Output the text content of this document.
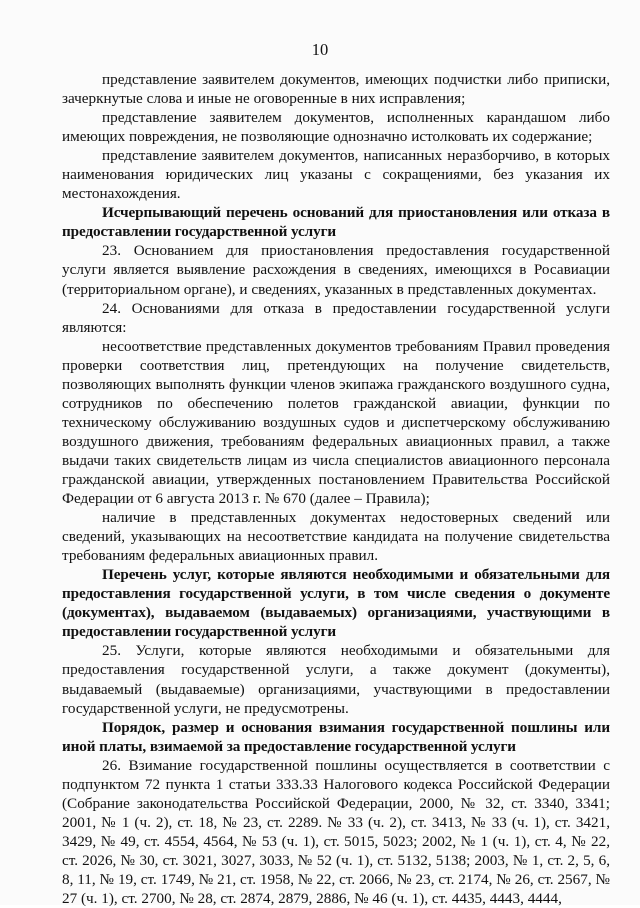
10

представление заявителем документов, имеющих подчистки либо приписки, зачеркнутые слова и иные не оговоренные в них исправления;

представление заявителем документов, исполненных карандашом либо имеющих повреждения, не позволяющие однозначно истолковать их содержание;

представление заявителем документов, написанных неразборчиво, в которых наименования юридических лиц указаны с сокращениями, без указания их местонахождения.

Исчерпывающий перечень оснований для приостановления или отказа в предоставлении государственной услуги

23. Основанием для приостановления предоставления государственной услуги является выявление расхождения в сведениях, имеющихся в Росавиации (территориальном органе), и сведениях, указанных в представленных документах.

24. Основаниями для отказа в предоставлении государственной услуги являются:

несоответствие представленных документов требованиям Правил проведения проверки соответствия лиц, претендующих на получение свидетельств, позволяющих выполнять функции членов экипажа гражданского воздушного судна, сотрудников по обеспечению полетов гражданской авиации, функции по техническому обслуживанию воздушных судов и диспетчерскому обслуживанию воздушного движения, требованиям федеральных авиационных правил, а также выдачи таких свидетельств лицам из числа специалистов авиационного персонала гражданской авиации, утвержденных постановлением Правительства Российской Федерации от 6 августа 2013 г. № 670 (далее – Правила);

наличие в представленных документах недостоверных сведений или сведений, указывающих на несоответствие кандидата на получение свидетельства требованиям федеральных авиационных правил.

Перечень услуг, которые являются необходимыми и обязательными для предоставления государственной услуги, в том числе сведения о документе (документах), выдаваемом (выдаваемых) организациями, участвующими в предоставлении государственной услуги

25. Услуги, которые являются необходимыми и обязательными для предоставления государственной услуги, а также документ (документы), выдаваемый (выдаваемые) организациями, участвующими в предоставлении государственной услуги, не предусмотрены.

Порядок, размер и основания взимания государственной пошлины или иной платы, взимаемой за предоставление государственной услуги

26. Взимание государственной пошлины осуществляется в соответствии с подпунктом 72 пункта 1 статьи 333.33 Налогового кодекса Российской Федерации (Собрание законодательства Российской Федерации, 2000, № 32, ст. 3340, 3341; 2001, № 1 (ч. 2), ст. 18, № 23, ст. 2289. № 33 (ч. 2), ст. 3413, № 33 (ч. 1), ст. 3421, 3429, № 49, ст. 4554, 4564, № 53 (ч. 1), ст. 5015, 5023; 2002, № 1 (ч. 1), ст. 4, № 22, ст. 2026, № 30, ст. 3021, 3027, 3033, № 52 (ч. 1), ст. 5132, 5138; 2003, № 1, ст. 2, 5, 6, 8, 11, № 19, ст. 1749, № 21, ст. 1958, № 22, ст. 2066, № 23, ст. 2174, № 26, ст. 2567, № 27 (ч. 1), ст. 2700, № 28, ст. 2874, 2879, 2886, № 46 (ч. 1), ст. 4435, 4443, 4444,
